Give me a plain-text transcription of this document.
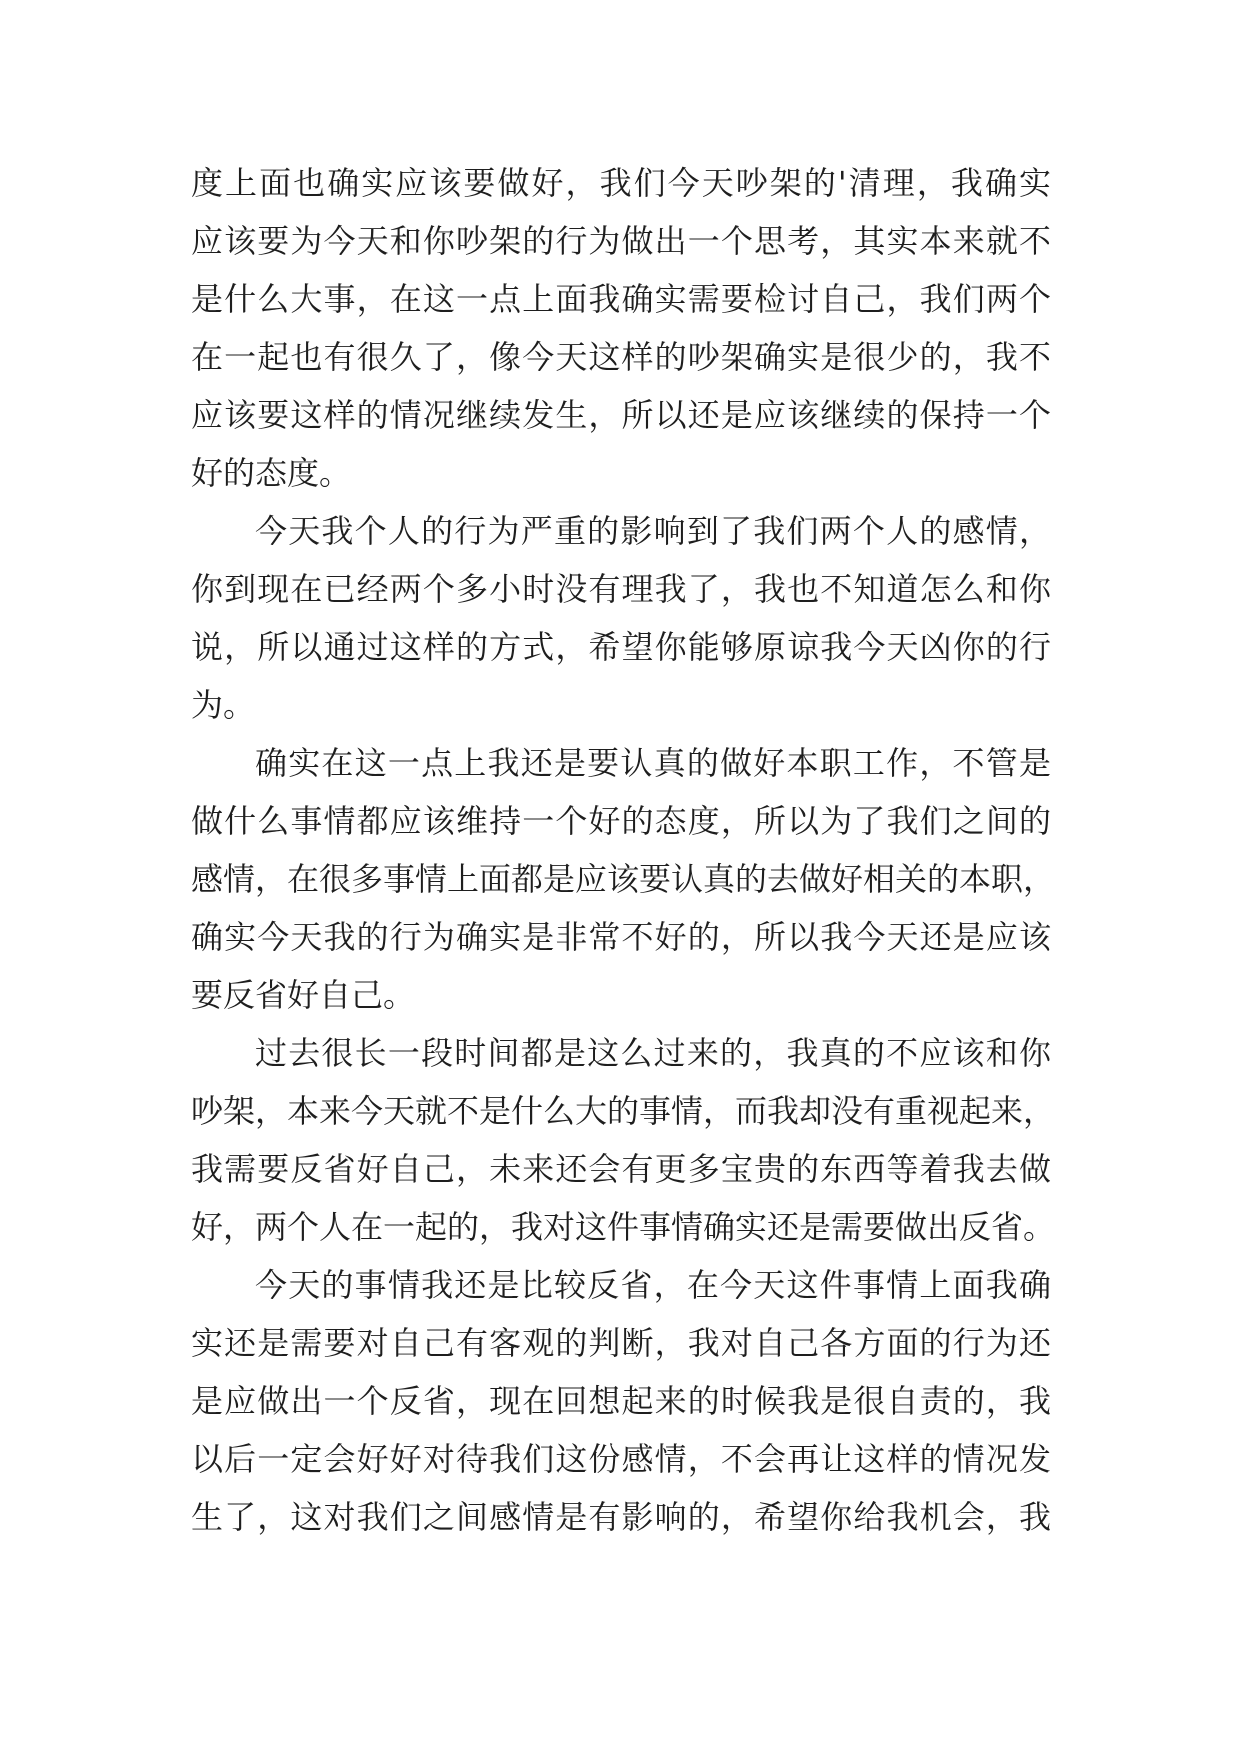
度上面也确实应该要做好，我们今天吵架的'清理，我确实
应该要为今天和你吵架的行为做出一个思考，其实本来就不
是什么大事，在这一点上面我确实需要检讨自己，我们两个
在一起也有很久了，像今天这样的吵架确实是很少的，我不
应该要这样的情况继续发生，所以还是应该继续的保持一个
好的态度。
今天我个人的行为严重的影响到了我们两个人的感情，
你到现在已经两个多小时没有理我了，我也不知道怎么和你
说，所以通过这样的方式，希望你能够原谅我今天凶你的行
为。
确实在这一点上我还是要认真的做好本职工作，不管是
做什么事情都应该维持一个好的态度，所以为了我们之间的
感情，在很多事情上面都是应该要认真的去做好相关的本职，
确实今天我的行为确实是非常不好的，所以我今天还是应该
要反省好自己。
过去很长一段时间都是这么过来的，我真的不应该和你
吵架，本来今天就不是什么大的事情，而我却没有重视起来，
我需要反省好自己，未来还会有更多宝贵的东西等着我去做
好，两个人在一起的，我对这件事情确实还是需要做出反省。
今天的事情我还是比较反省，在今天这件事情上面我确
实还是需要对自己有客观的判断，我对自己各方面的行为还
是应做出一个反省，现在回想起来的时候我是很自责的，我
以后一定会好好对待我们这份感情，不会再让这样的情况发
生了，这对我们之间感情是有影响的，希望你给我机会，我
